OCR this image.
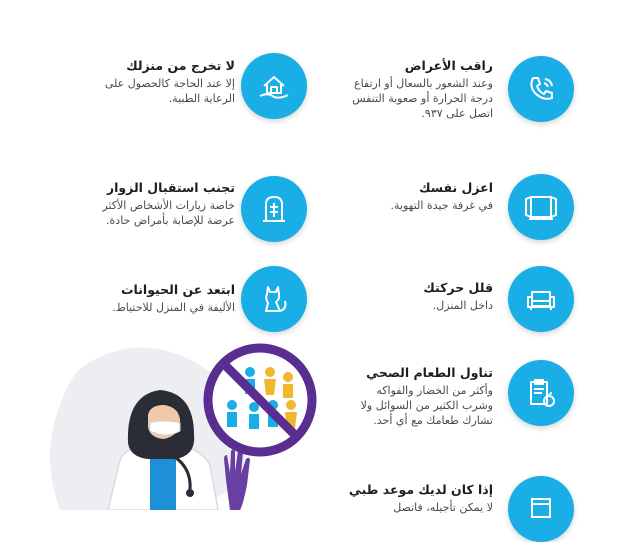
لا تخرج من منزلك

إلا عند الحاجة كالحصول على الرعاية الطبية.

راقب الأعراض

وعند الشعور بالسعال أو ارتفاع درجة الحرارة أو صعوبة التنفس اتصل على ٩٣٧.

تجنب استقبال الزوار

خاصة زيارات الأشخاص الأكثر عرضة للإصابة بأمراض حادة.

اعزل نفسك

في غرفة جيدة التهوية.

ابتعد عن الحيوانات

الأليفة في المنزل للاحتياط.

قلل حركتك

داخل المنزل.

تناول الطعام الصحي

وأكثر من الخضار والفواكه وشرب الكثير من السوائل ولا تشارك طعامك مع أي أحد.

إذا كان لديك موعد طبي

لا يمكن تأجيله، فاتصل
